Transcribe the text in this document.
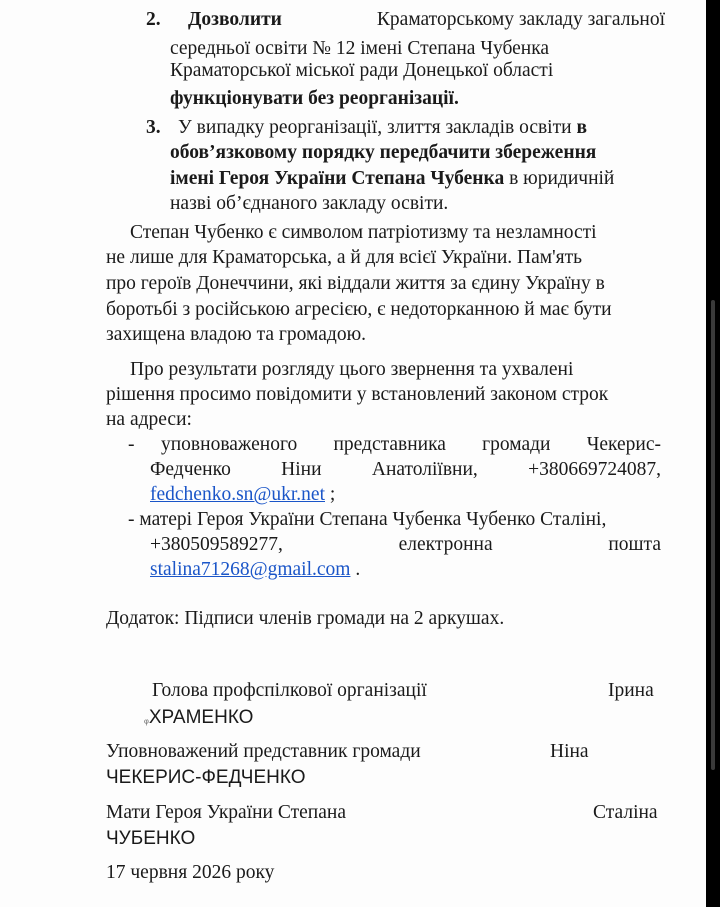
2. Дозволити	Краматорському закладу загальної
середньої освіти № 12 імені Степана Чубенка
Краматорської міської ради Донецької області
функціонувати без реорганізації.
3. У випадку реорганізації, злиття закладів освіти в
обов’язковому порядку передбачити збереження
імені Героя України Степана Чубенка в юридичній
назві об’єднаного закладу освіти.
Степан Чубенко є символом патріотизму та незламності
не лише для Краматорська, а й для всієї України. Пам'ять
про героїв Донеччини, які віддали життя за єдину Україну в
боротьбі з російською агресією, є недоторканною й має бути
захищена владою та громадою.
Про результати розгляду цього звернення та ухвалені
рішення просимо повідомити у встановлений законом строк
на адреси:
- уповноваженого представника громади Чекерис-
Федченко	Ніни	Анатоліївни,	+380669724087,
fedchenko.sn@ukr.net ;
- матері Героя України Степана Чубенка Чубенко Сталіні,
+380509589277,	електронна	пошта
stalina71268@gmail.com .
Додаток: Підписи членів громади на 2 аркушах.
Голова профспілкової організації	Ірина
ᵩХРАМЕНКО
Уповноважений представник громади	Ніна
ЧЕКЕРИС-ФЕДЧЕНКО
Мати Героя України Степана	Сталіна
ЧУБЕНКО
17 червня 2026 року
